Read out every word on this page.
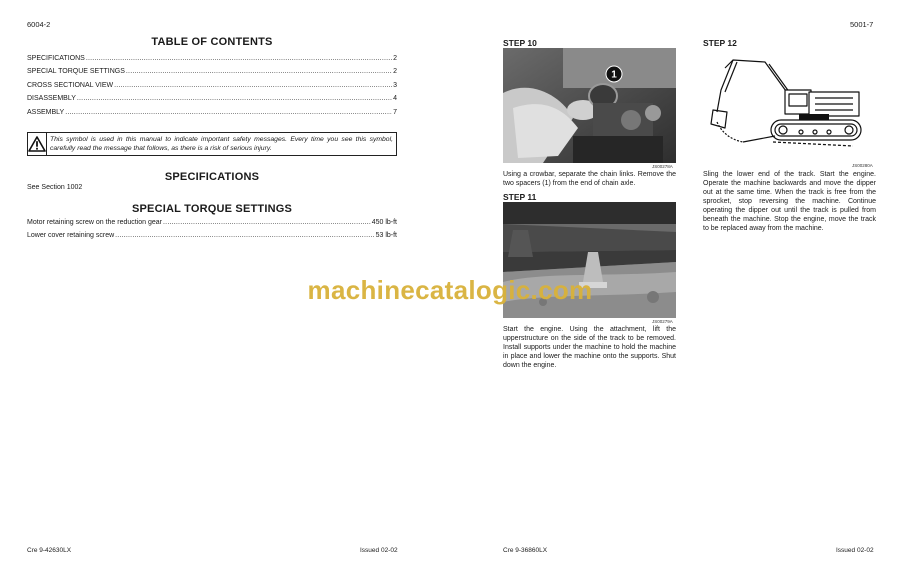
6004-2
TABLE OF CONTENTS
SPECIFICATIONS .....	2
SPECIAL TORQUE SETTINGS .....	2
CROSS SECTIONAL VIEW .....	3
DISASSEMBLY .....	4
ASSEMBLY .....	7
This symbol is used in this manual to indicate important safety messages. Every time you see this symbol, carefully read the message that follows, as there is a risk of serious injury.
SPECIFICATIONS
See Section 1002
SPECIAL TORQUE SETTINGS
Motor retaining screw on the reduction gear .....	450 lb-ft
Lower cover retaining screw .....	53 lb-ft
Cre 9-42630LX	Issued 02-02
5001-7
STEP 10
1
JS00278A
Using a crowbar, separate the chain links. Remove the two spacers (1) from the end of chain axle.
STEP 11
JS00279A
Start the engine. Using the attachment, lift the upperstructure on the side of the track to be removed. Install supports under the machine to hold the machine in place and lower the machine onto the supports. Shut down the engine.
STEP 12
JS00280A
Sling the lower end of the track. Start the engine. Operate the machine backwards and move the dipper out at the same time. When the track is free from the sprocket, stop reversing the machine. Continue operating the dipper out until the track is pulled from beneath the machine. Stop the engine, move the track to be replaced away from the machine.
Cre 9-36860LX	Issued 02-02
machinecatalogic.com
